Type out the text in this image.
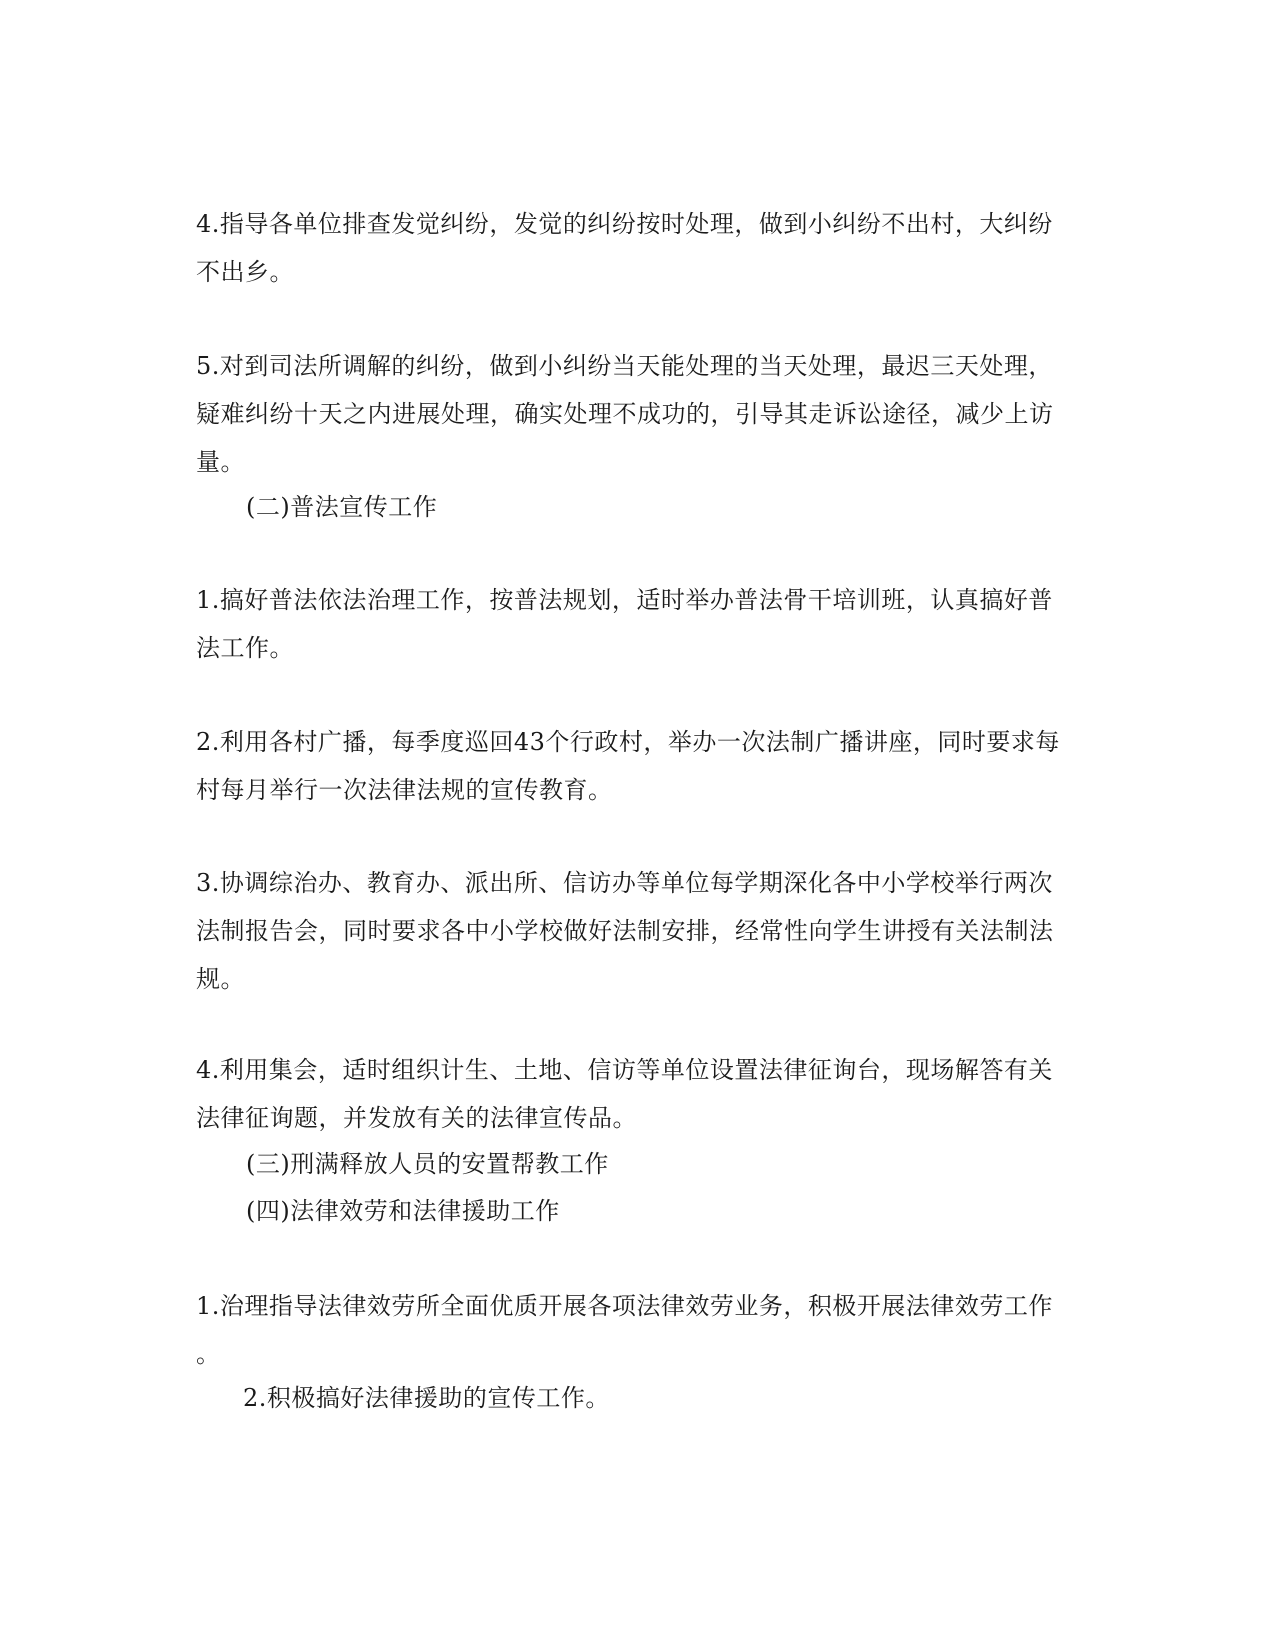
4.指导各单位排查发觉纠纷，发觉的纠纷按时处理，做到小纠纷不出村，大纠纷
不出乡。

5.对到司法所调解的纠纷，做到小纠纷当天能处理的当天处理，最迟三天处理，
疑难纠纷十天之内进展处理，确实处理不成功的，引导其走诉讼途径，减少上访
量。

(二)普法宣传工作

1.搞好普法依法治理工作，按普法规划，适时举办普法骨干培训班，认真搞好普
法工作。

2.利用各村广播，每季度巡回43个行政村，举办一次法制广播讲座，同时要求每
村每月举行一次法律法规的宣传教育。

3.协调综治办、教育办、派出所、信访办等单位每学期深化各中小学校举行两次
法制报告会，同时要求各中小学校做好法制安排，经常性向学生讲授有关法制法
规。

4.利用集会，适时组织计生、土地、信访等单位设置法律征询台，现场解答有关
法律征询题，并发放有关的法律宣传品。

(三)刑满释放人员的安置帮教工作

(四)法律效劳和法律援助工作

1.治理指导法律效劳所全面优质开展各项法律效劳业务，积极开展法律效劳工作
。

2.积极搞好法律援助的宣传工作。
